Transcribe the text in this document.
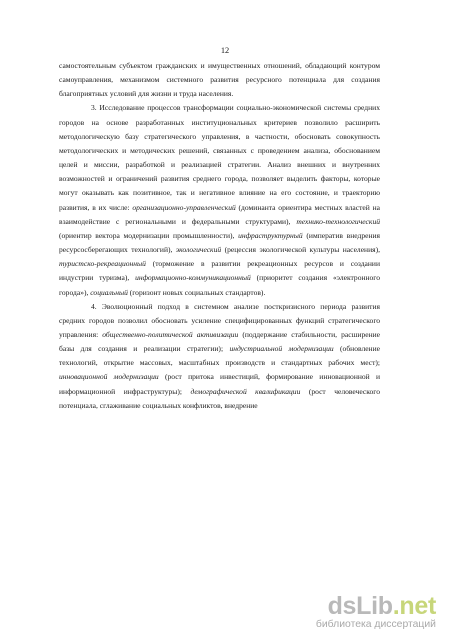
12

самостоятельным субъектом гражданских и имущественных отношений, обладающий контуром самоуправления, механизмом системного развития ресурсного потенциала для создания благоприятных условий для жизни и труда населения.

3. Исследование процессов трансформации социально-экономической системы средних городов на основе разработанных институциональных критериев позволило расширить методологическую базу стратегического управления, в частности, обосновать совокупность методологических и методических решений, связанных с проведением анализа, обоснованием целей и миссии, разработкой и реализацией стратегии. Анализ внешних и внутренних возможностей и ограничений развития среднего города, позволяет выделить факторы, которые могут оказывать как позитивное, так и негативное влияние на его состояние, и траекторию развития, в их числе: организационно-управленческий (доминанта ориентира местных властей на взаимодействие с региональными и федеральными структурами), технико-технологический (ориентир вектора модернизации промышленности), инфраструктурный (императив внедрения ресурсосберегающих технологий), экологический (рецессия экологической культуры населения), туристско-рекреационный (торможение в развитии рекреационных ресурсов и создании индустрии туризма), информационно-коммуникационный (приоритет создания «электронного города»), социальный (горизонт новых социальных стандартов).

4. Эволюционный подход в системном анализе посткризисного периода развития средних городов позволил обосновать усиление специфицированных функций стратегического управления: общественно-политической активизации (поддержание стабильности, расширение базы для создания и реализации стратегии); индустриальной модернизации (обновление технологий, открытие массовых, масштабных производств и стандартных рабочих мест); инновационной модернизации (рост притока инвестиций, формирование инновационной и информационной инфраструктуры); демографической квалификации (рост человеческого потенциала, сглаживание социальных конфликтов, внедрение

dsLib.net
библиотека диссертаций
